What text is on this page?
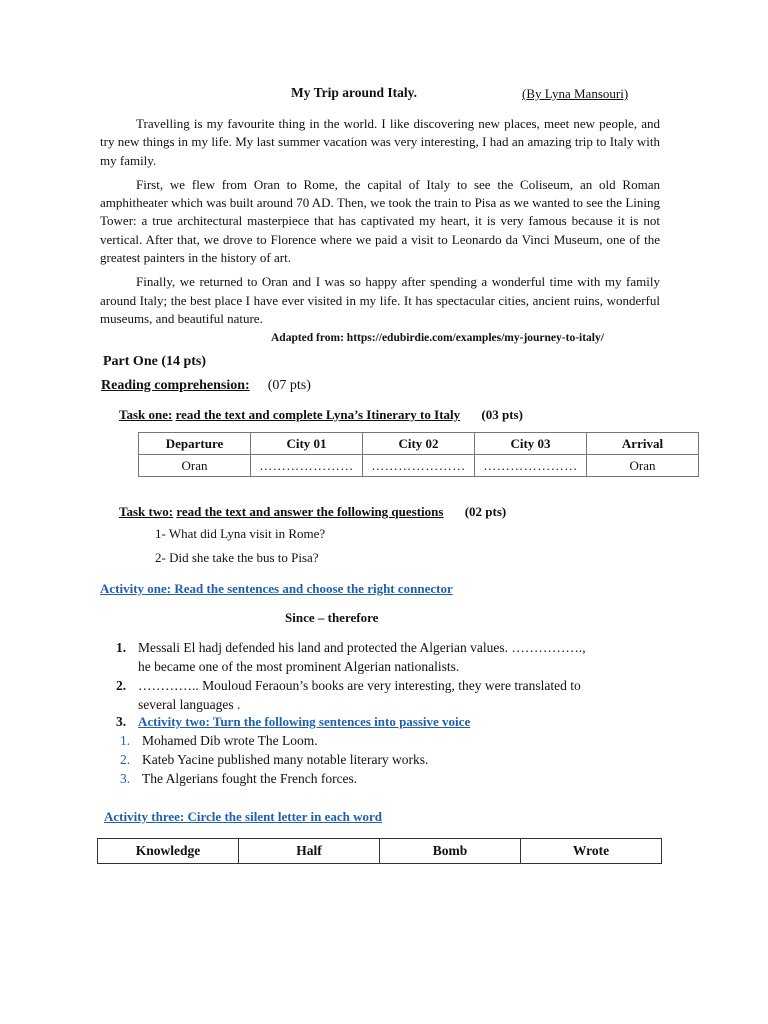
My Trip around Italy.	(By Lyna Mansouri)

Travelling is my favourite thing in the world. I like discovering new places, meet new people, and try new things in my life. My last summer vacation was very interesting, I had an amazing trip to Italy with my family.

First, we flew from Oran to Rome, the capital of Italy to see the Coliseum, an old Roman amphitheater which was built around 70 AD. Then, we took the train to Pisa as we wanted to see the Lining Tower: a true architectural masterpiece that has captivated my heart, it is very famous because it is not vertical. After that, we drove to Florence where we paid a visit to Leonardo da Vinci Museum, one of the greatest painters in the history of art.

Finally, we returned to Oran and I was so happy after spending a wonderful time with my family around Italy; the best place I have ever visited in my life. It has spectacular cities, ancient ruins, wonderful museums, and beautiful nature.

Adapted from: https://edubirdie.com/examples/my-journey-to-italy/
Part One (14 pts)
Reading comprehension: (07 pts)
Task one: read the text and complete Lyna’s Itinerary to Italy (03 pts)
Departure	City 01	City 02	City 03	Arrival
Oran	…………………	…………………	…………………	Oran
Task two: read the text and answer the following questions (02 pts)
1- What did Lyna visit in Rome?
2- Did she take the bus to Pisa?
Activity one: Read the sentences and choose the right connector
Since – therefore
1. Messali El hadj defended his land and protected the Algerian values. …………….,
he became one of the most prominent Algerian nationalists.
2. ………….. Mouloud Feraoun’s books are very interesting, they were translated to
several languages .
3. Activity two: Turn the following sentences into passive voice
1. Mohamed Dib wrote The Loom.
2. Kateb Yacine published many notable literary works.
3. The Algerians fought the French forces.
Activity three: Circle the silent letter in each word
Knowledge	Half	Bomb	Wrote
